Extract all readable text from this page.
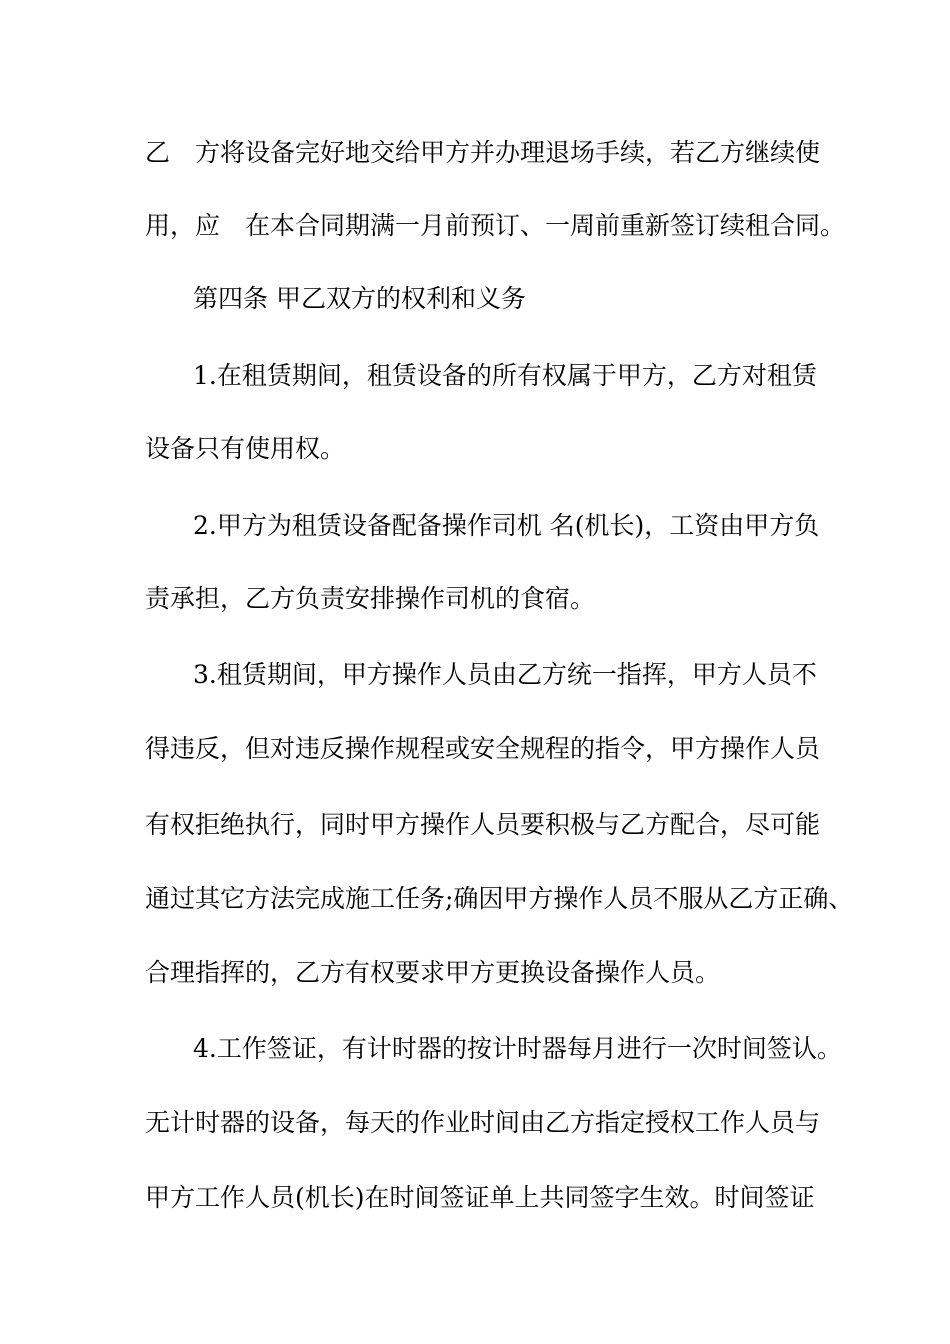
乙　方将设备完好地交给甲方并办理退场手续，若乙方继续使
用，应　在本合同期满一月前预订、一周前重新签订续租合同。
第四条 甲乙双方的权利和义务
1.在租赁期间，租赁设备的所有权属于甲方，乙方对租赁
设备只有使用权。
2.甲方为租赁设备配备操作司机 名(机长)，工资由甲方负
责承担，乙方负责安排操作司机的食宿。
3.租赁期间，甲方操作人员由乙方统一指挥，甲方人员不
得违反，但对违反操作规程或安全规程的指令，甲方操作人员
有权拒绝执行，同时甲方操作人员要积极与乙方配合，尽可能
通过其它方法完成施工任务;确因甲方操作人员不服从乙方正确、
合理指挥的，乙方有权要求甲方更换设备操作人员。
4.工作签证，有计时器的按计时器每月进行一次时间签认。
无计时器的设备，每天的作业时间由乙方指定授权工作人员与
甲方工作人员(机长)在时间签证单上共同签字生效。时间签证
